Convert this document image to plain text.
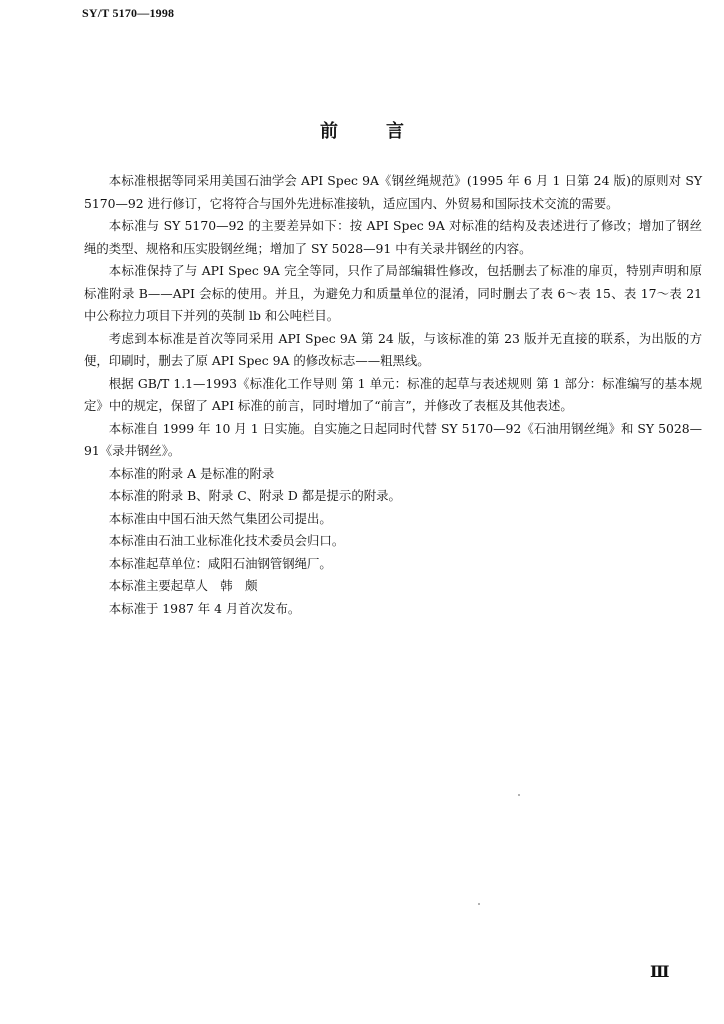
SY/T 5170—1998
前言

本标准根据等同采用美国石油学会 API Spec 9A《钢丝绳规范》(1995 年 6 月 1 日第 24 版)的原则对 SY5170—92 进行修订，它将符合与国外先进标准接轨，适应国内、外贸易和国际技术交流的需要。

本标准与 SY 5170—92 的主要差异如下：按 API Spec 9A 对标准的结构及表述进行了修改；增加了钢丝绳的类型、规格和压实股钢丝绳；增加了 SY 5028—91 中有关录井钢丝的内容。

本标准保持了与 API Spec 9A 完全等同，只作了局部编辑性修改，包括删去了标准的扉页，特别声明和原标准附录 B——API 会标的使用。并且，为避免力和质量单位的混淆，同时删去了表 6～表 15、表 17～表 21 中公称拉力项目下并列的英制 lb 和公吨栏目。

考虑到本标准是首次等同采用 API Spec 9A 第 24 版，与该标准的第 23 版并无直接的联系，为出版的方便，印刷时，删去了原 API Spec 9A 的修改标志——粗黑线。

根据 GB/T 1.1—1993《标准化工作导则 第 1 单元：标准的起草与表述规则 第 1 部分：标准编写的基本规定》中的规定，保留了 API 标准的前言，同时增加了“前言”，并修改了表框及其他表述。

本标准自 1999 年 10 月 1 日实施。自实施之日起同时代替 SY 5170—92《石油用钢丝绳》和 SY 5028—91《录井钢丝》。

本标准的附录 A 是标准的附录

本标准的附录 B、附录 C、附录 D 都是提示的附录。

本标准由中国石油天然气集团公司提出。

本标准由石油工业标准化技术委员会归口。

本标准起草单位：咸阳石油钢管钢绳厂。

本标准主要起草人　韩　颇

本标准于 1987 年 4 月首次发布。

Ⅲ
